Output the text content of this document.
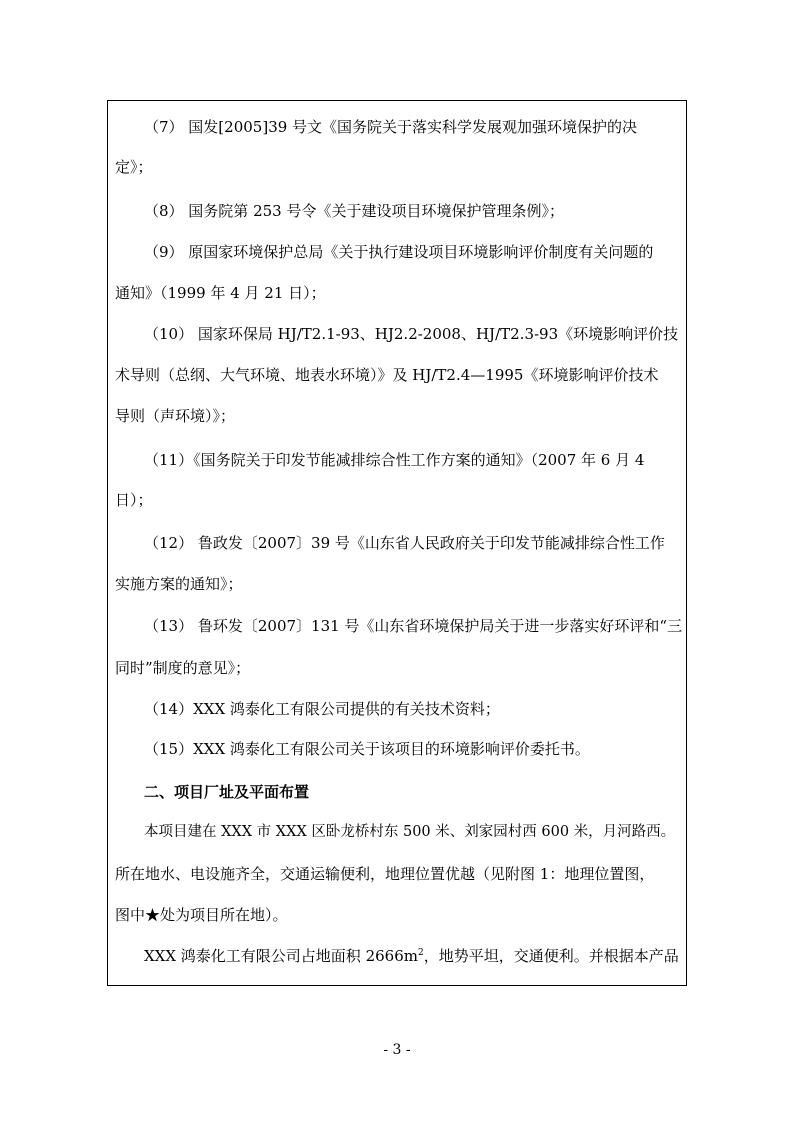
（7） 国发[2005]39 号文《国务院关于落实科学发展观加强环境保护的决
定》；
（8） 国务院第 253 号令《关于建设项目环境保护管理条例》；
（9） 原国家环境保护总局《关于执行建设项目环境影响评价制度有关问题的
通知》（1999 年 4 月 21 日）；
（10） 国家环保局 HJ/T2.1-93、HJ2.2-2008、HJ/T2.3-93《环境影响评价技
术导则（总纲、大气环境、地表水环境）》及 HJ/T2.4—1995《环境影响评价技术
导则（声环境）》；
（11）《国务院关于印发节能减排综合性工作方案的通知》（2007 年 6 月 4
日）；
（12） 鲁政发〔2007〕39 号《山东省人民政府关于印发节能减排综合性工作
实施方案的通知》；
（13） 鲁环发〔2007〕131 号《山东省环境保护局关于进一步落实好环评和“三
同时”制度的意见》；
（14）XXX 鸿泰化工有限公司提供的有关技术资料；
（15）XXX 鸿泰化工有限公司关于该项目的环境影响评价委托书。
二、项目厂址及平面布置
本项目建在 XXX 市 XXX 区卧龙桥村东 500 米、刘家园村西 600 米，月河路西。
所在地水、电设施齐全，交通运输便利，地理位置优越（见附图 1：地理位置图，
图中★处为项目所在地）。
XXX 鸿泰化工有限公司占地面积 $2666m^2$，地势平坦，交通便利。并根据本产品
- 3 -
